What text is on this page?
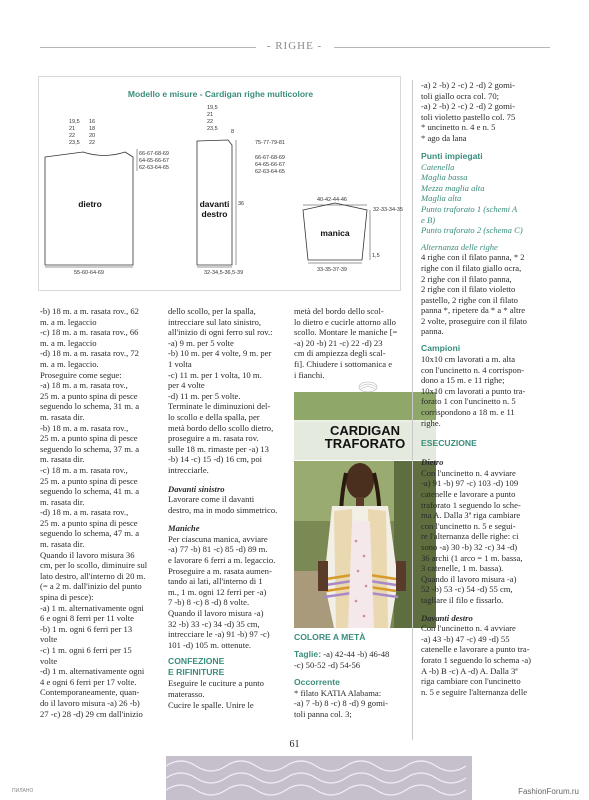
- RIGHE -
Modello e misure - Cardigan righe multicolore
19,5
21
22
23,5
16
18
20
22
66-67-68-69
64-65-66-67
62-63-64-65
dietro
55-60-64-69
19,5
21
22
23,5 8
75-77-79-81
66-67-68-69
64-65-66-67
62-63-64-65
davanti
destro
36
32-34,5-36,5-39
40-42-44-46
32-33-34-35
manica
1,5
33-35-37-39

-b) 18 m. a m. rasata rov., 62

m. a m. legaccio

-c) 18 m. a m. rasata rov., 66

m. a m. legaccio

-d) 18 m. a m. rasata rov., 72

m. a m. legaccio.

Proseguire come segue:

-a) 18 m. a m. rasata rov.,

25 m. a punto spina di pesce

seguendo lo schema, 31 m. a

m. rasata dir.

-b) 18 m. a m. rasata rov.,

25 m. a punto spina di pesce

seguendo lo schema, 37 m. a

m. rasata dir.

-c) 18 m. a m. rasata rov.,

25 m. a punto spina di pesce

seguendo lo schema, 41 m. a

m. rasata dir.

-d) 18 m. a m. rasata rov.,

25 m. a punto spina di pesce

seguendo lo schema, 47 m. a

m. rasata dir.

Quando il lavoro misura 36

cm, per lo scollo, diminuire sul

lato destro, all'interno di 20 m.

(= a 2 m. dall'inizio del punto

spina di pesce):

-a) 1 m. alternativamente ogni

6 e ogni 8 ferri per 11 volte

-b) 1 m. ogni 6 ferri per 13

volte

-c) 1 m. ogni 6 ferri per 15

volte

-d) 1 m. alternativamente ogni

4 e ogni 6 ferri per 17 volte.

Contemporaneamente, quan-

do il lavoro misura -a) 26 -b)

27 -c) 28 -d) 29 cm dall'inizio

dello scollo, per la spalla,

intrecciare sul lato sinistro,

all'inizio di ogni ferro sul rov.:

-a) 9 m. per 5 volte

-b) 10 m. per 4 volte, 9 m. per

1 volta

-c) 11 m. per 1 volta, 10 m.

per 4 volte

-d) 11 m. per 5 volte.

Terminate le diminuzioni del-

lo scollo e della spalla, per

metà bordo dello scollo dietro,

proseguire a m. rasata rov.

sulle 18 m. rimaste per -a) 13

-b) 14 -c) 15 -d) 16 cm, poi

intrecciarle.

Davanti sinistro

Lavorare come il davanti

destro, ma in modo simmetrico.

Maniche

Per ciascuna manica, avviare

-a) 77 -b) 81 -c) 85 -d) 89 m.

e lavorare 6 ferri a m. legaccio.

Proseguire a m. rasata aumen-

tando ai lati, all'interno di 1

m., 1 m. ogni 12 ferri per -a)

7 -b) 8 -c) 8 -d) 8 volte.

Quando il lavoro misura -a)

32 -b) 33 -c) 34 -d) 35 cm,

intrecciare le -a) 91 -b) 97 -c)

101 -d) 105 m. ottenute.

CONFEZIONE
E RIFINITURE

Eseguire le cuciture a punto

materasso.

Cucire le spalle. Unire le

metà del bordo dello scol-

lo dietro e cucirle attorno allo

scollo. Montare le maniche [=

-a) 20 -b) 21 -c) 22 -d) 23

cm di ampiezza degli scal-

fi]. Chiudere i sottomanica e

i fianchi.

CARDIGAN
TRAFORATO

COLORE A METÀ

Taglie: -a) 42-44 -b) 46-48
-c) 50-52 -d) 54-56

Occorrente

* filato KATIA Alabama:

-a) 7 -b) 8 -c) 8 -d) 9 gomi-

toli panna col. 3;

-a) 2 -b) 2 -c) 2 -d) 2 gomi-

toli giallo ocra col. 70;

-a) 2 -b) 2 -c) 2 -d) 2 gomi-

toli violetto pastello col. 75

* uncinetto n. 4 e n. 5

* ago da lana

Punti impiegati

Catenella

Maglia bassa

Mezza maglia alta

Maglia alta

Punto traforato 1 (schemi A

e B)

Punto traforato 2 (schema C)

Alternanza delle righe

4 righe con il filato panna, * 2

righe con il filato giallo ocra,

2 righe con il filato panna,

2 righe con il filato violetto

pastello, 2 righe con il filato

panna *, ripetere da * a * altre

2 volte, proseguire con il filato

panna.

Campioni

10x10 cm lavorati a m. alta

con l'uncinetto n. 4 corrispon-

dono a 15 m. e 11 righe;

10x10 cm lavorati a punto tra-

forato 1 con l'uncinetto n. 5

corrispondono a 18 m. e 11

righe.

ESECUZIONE

Dietro

Con l'uncinetto n. 4 avviare

-a) 91 -b) 97 -c) 103 -d) 109

catenelle e lavorare a punto

traforato 1 seguendo lo sche-

ma A. Dalla 3ª riga cambiare

con l'uncinetto n. 5 e segui-

re l'alternanza delle righe: ci

sono -a) 30 -b) 32 -c) 34 -d)

36 archi (1 arco = 1 m. bassa,

3 catenelle, 1 m. bassa).

Quando il lavoro misura -a)

52 -b) 53 -c) 54 -d) 55 cm,

tagliare il filo e fissarlo.

Davanti destro

Con l'uncinetto n. 4 avviare

-a) 43 -b) 47 -c) 49 -d) 55

catenelle e lavorare a punto tra-

forato 1 seguendo lo schema -a)

A -b) B -c) A -d) A. Dalla 3ª

riga cambiare con l'uncinetto

n. 5 e seguire l'alternanza delle

61
ПИЛАНО	FashionForum.ru
